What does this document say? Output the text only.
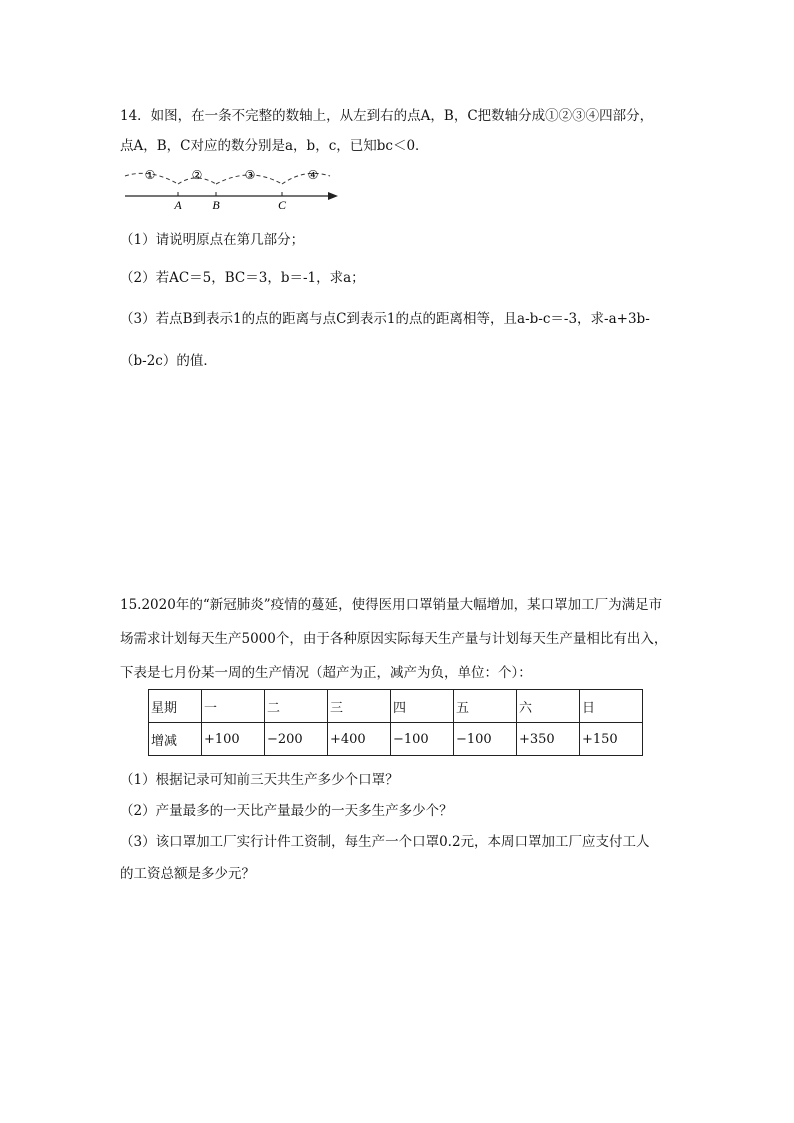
14．如图，在一条不完整的数轴上，从左到右的点A，B，C把数轴分成①②③④四部分，
点A，B，C对应的数分别是a，b，c，已知bc＜0．
①	②	③	④
A	B	C
（1）请说明原点在第几部分；
（2）若AC＝5，BC＝3，b＝-1，求a；
（3）若点B到表示1的点的距离与点C到表示1的点的距离相等，且a-b-c＝-3，求-a+3b-
（b-2c）的值．
15.2020年的“新冠肺炎”疫情的蔓延，使得医用口罩销量大幅增加，某口罩加工厂为满足市
场需求计划每天生产5000个，由于各种原因实际每天生产量与计划每天生产量相比有出入，
下表是七月份某一周的生产情况（超产为正，减产为负，单位：个）：
星期	一	二	三	四	五	六	日
增减	+100	−200	+400	−100	−100	+350	+150
（1）根据记录可知前三天共生产多少个口罩？
（2）产量最多的一天比产量最少的一天多生产多少个？
（3）该口罩加工厂实行计件工资制，每生产一个口罩0.2元，本周口罩加工厂应支付工人
的工资总额是多少元？
